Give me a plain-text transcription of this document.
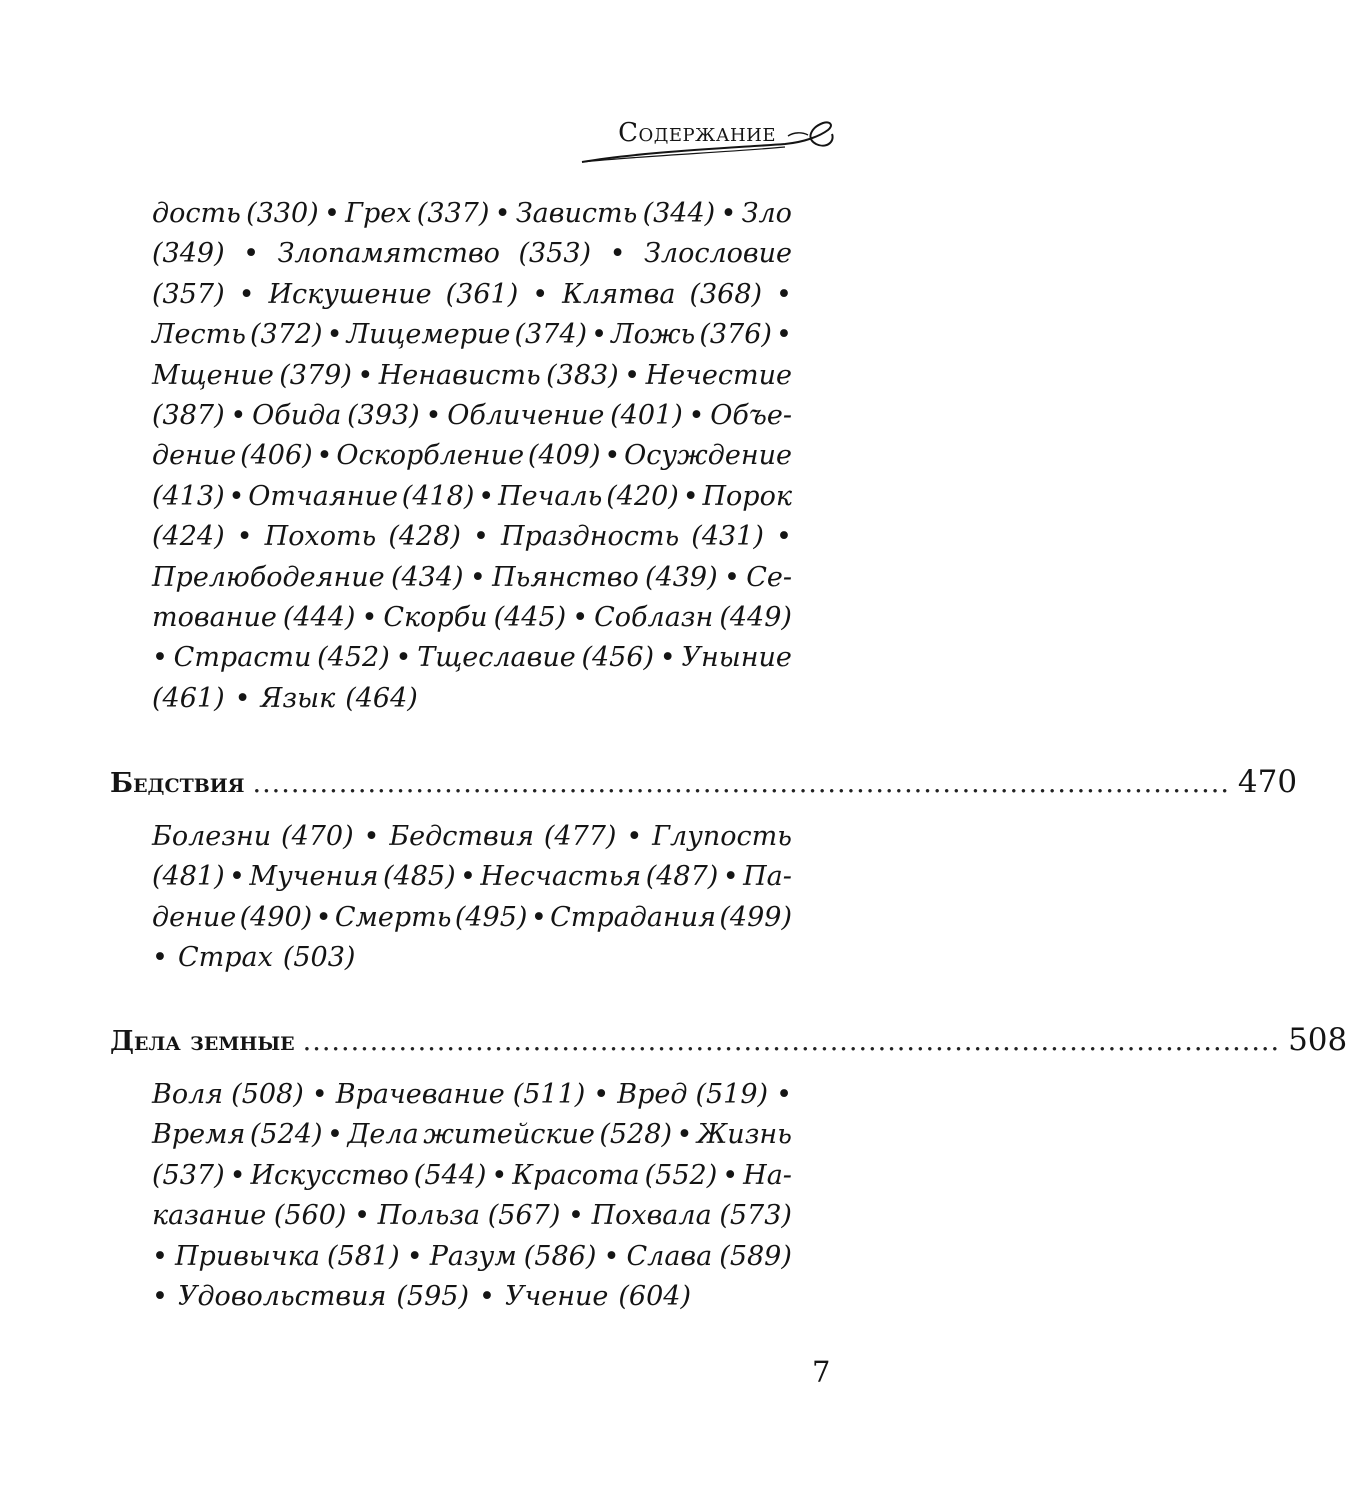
Содержание
дость (330) • Грех (337) • Зависть (344) • Зло
(349) • Злопамятство (353) • Злословие
(357) • Искушение (361) • Клятва (368) •
Лесть (372) • Лицемерие (374) • Ложь (376) •
Мщение (379) • Ненависть (383) • Нечестие
(387) • Обида (393) • Обличение (401) • Объе-
дение (406) • Оскорбление (409) • Осуждение
(413) • Отчаяние (418) • Печаль (420) • Порок
(424) • Похоть (428) • Праздность (431) •
Прелюбодеяние (434) • Пьянство (439) • Се-
тование (444) • Скорби (445) • Соблазн (449)
• Страсти (452) • Тщеславие (456) • Уныние
(461) • Язык (464)
Бедствия ...................................................................................................... 470
Болезни (470) • Бедствия (477) • Глупость
(481) • Мучения (485) • Несчастья (487) • Па-
дение (490) • Смерть (495) • Страдания (499)
• Страх (503)
Дела земные ...................................................................................................... 508
Воля (508) • Врачевание (511) • Вред (519) •
Время (524) • Дела житейские (528) • Жизнь
(537) • Искусство (544) • Красота (552) • На-
казание (560) • Польза (567) • Похвала (573)
• Привычка (581) • Разум (586) • Слава (589)
• Удовольствия (595) • Учение (604)
7
